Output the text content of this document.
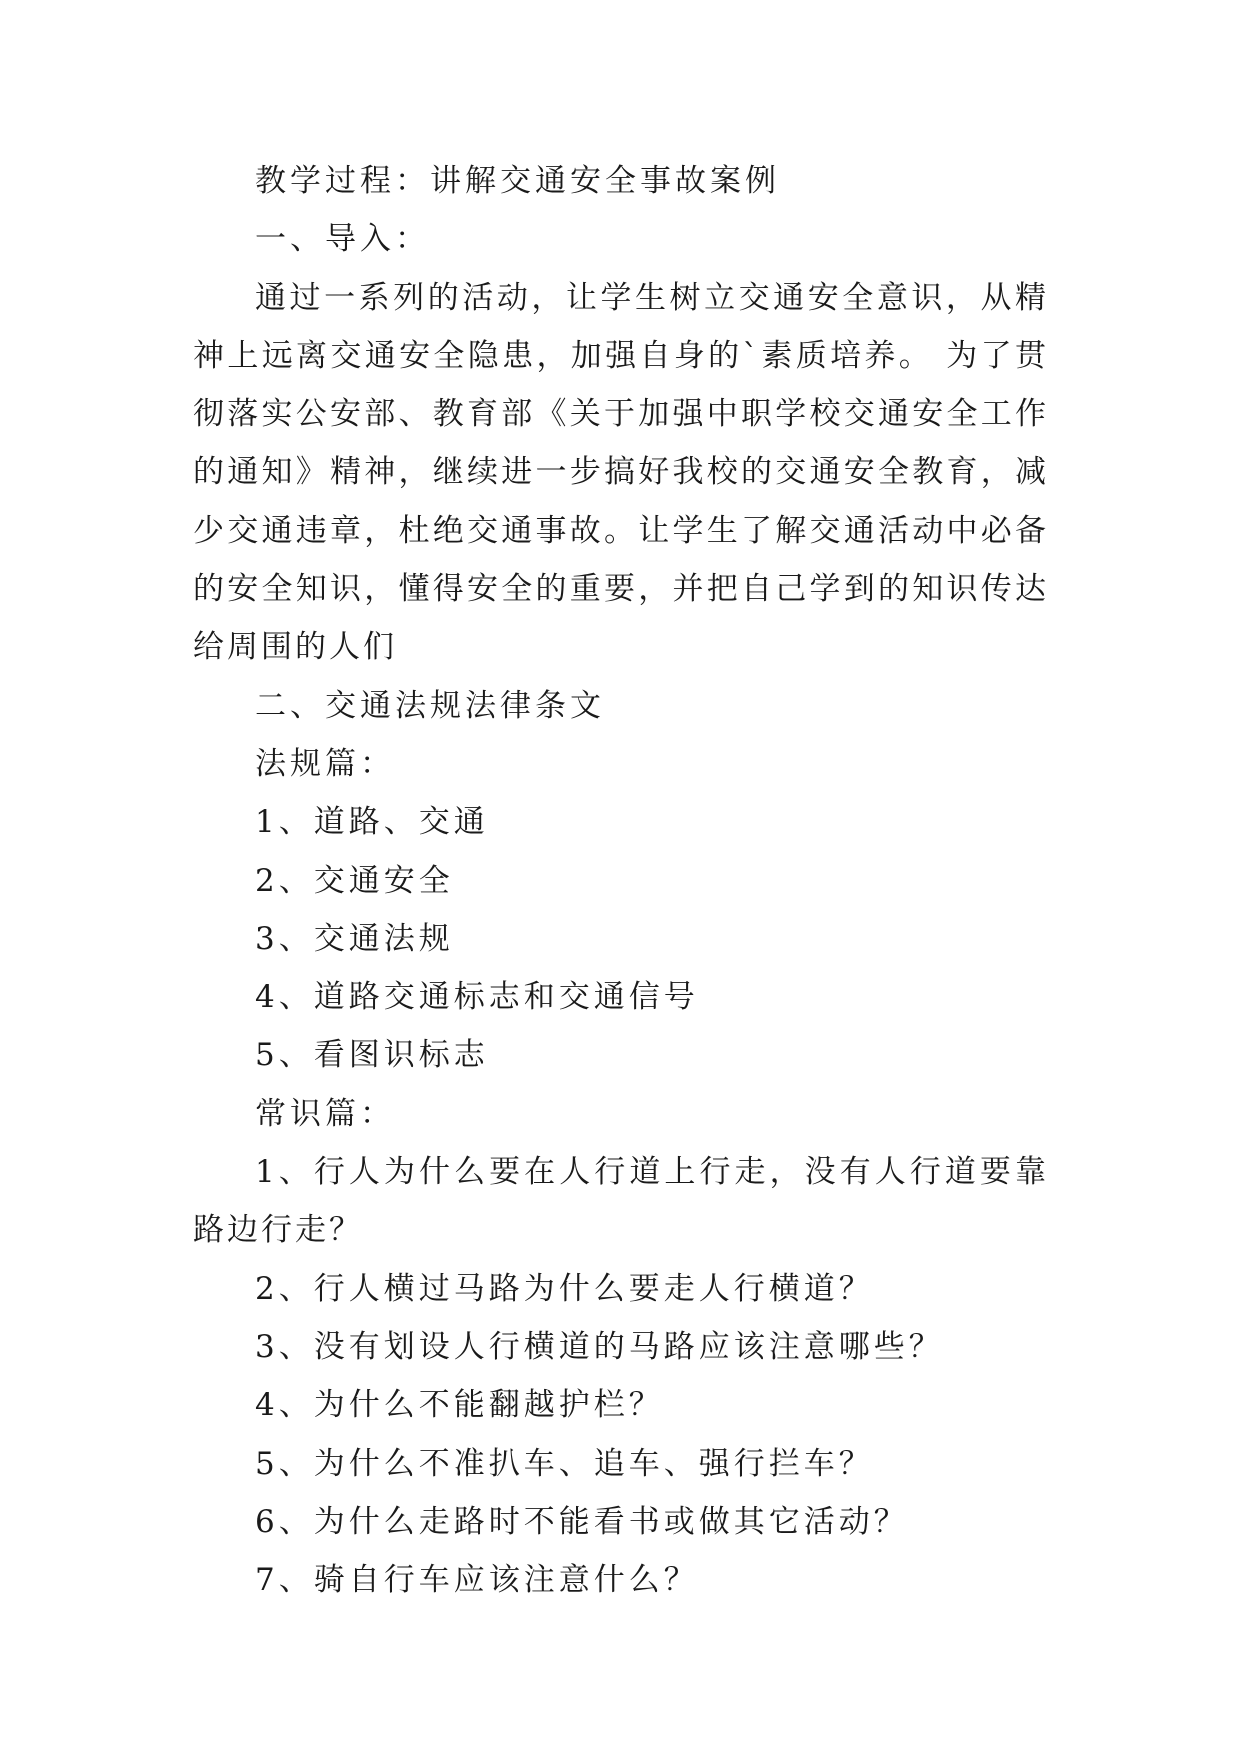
教学过程：讲解交通安全事故案例

一、导入：

通过一系列的活动，让学生树立交通安全意识，从精神上远离交通安全隐患，加强自身的`素质培养。 为了贯彻落实公安部、教育部《关于加强中职学校交通安全工作的通知》精神，继续进一步搞好我校的交通安全教育，减少交通违章，杜绝交通事故。让学生了解交通活动中必备的安全知识，懂得安全的重要，并把自己学到的知识传达给周围的人们

二、交通法规法律条文

法规篇：

1、道路、交通

2、交通安全

3、交通法规

4、道路交通标志和交通信号

5、看图识标志

常识篇：

1、行人为什么要在人行道上行走，没有人行道要靠路边行走？

2、行人横过马路为什么要走人行横道？

3、没有划设人行横道的马路应该注意哪些？

4、为什么不能翻越护栏？

5、为什么不准扒车、追车、强行拦车？

6、为什么走路时不能看书或做其它活动？

7、骑自行车应该注意什么？
